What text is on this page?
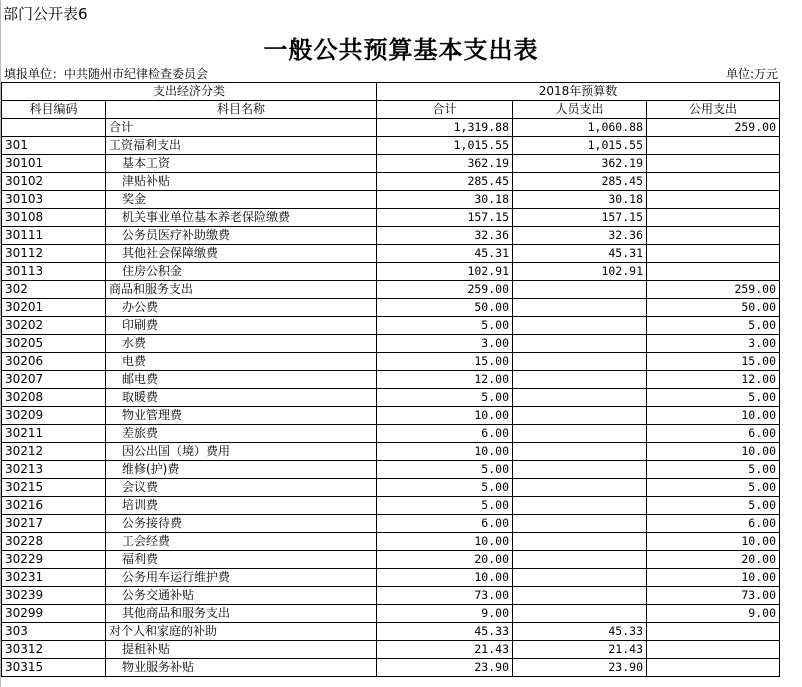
部门公开表6
一般公共预算基本支出表
填报单位：中共随州市纪律检查委员会	单位:万元
支出经济分类		2018年预算数		
科目编码	科目名称	合计	人员支出	公用支出
	合计	1,319.88	1,060.88	259.00
301	工资福利支出	1,015.55	1,015.55	
30101	基本工资	362.19	362.19	
30102	津贴补贴	285.45	285.45	
30103	奖金	30.18	30.18	
30108	机关事业单位基本养老保险缴费	157.15	157.15	
30111	公务员医疗补助缴费	32.36	32.36	
30112	其他社会保障缴费	45.31	45.31	
30113	住房公积金	102.91	102.91	
302	商品和服务支出	259.00		259.00
30201	办公费	50.00		50.00
30202	印刷费	5.00		5.00
30205	水费	3.00		3.00
30206	电费	15.00		15.00
30207	邮电费	12.00		12.00
30208	取暖费	5.00		5.00
30209	物业管理费	10.00		10.00
30211	差旅费	6.00		6.00
30212	因公出国（境）费用	10.00		10.00
30213	维修(护)费	5.00		5.00
30215	会议费	5.00		5.00
30216	培训费	5.00		5.00
30217	公务接待费	6.00		6.00
30228	工会经费	10.00		10.00
30229	福利费	20.00		20.00
30231	公务用车运行维护费	10.00		10.00
30239	公务交通补贴	73.00		73.00
30299	其他商品和服务支出	9.00		9.00
303	对个人和家庭的补助	45.33	45.33	
30312	提租补贴	21.43	21.43	
30315	物业服务补贴	23.90	23.90	
